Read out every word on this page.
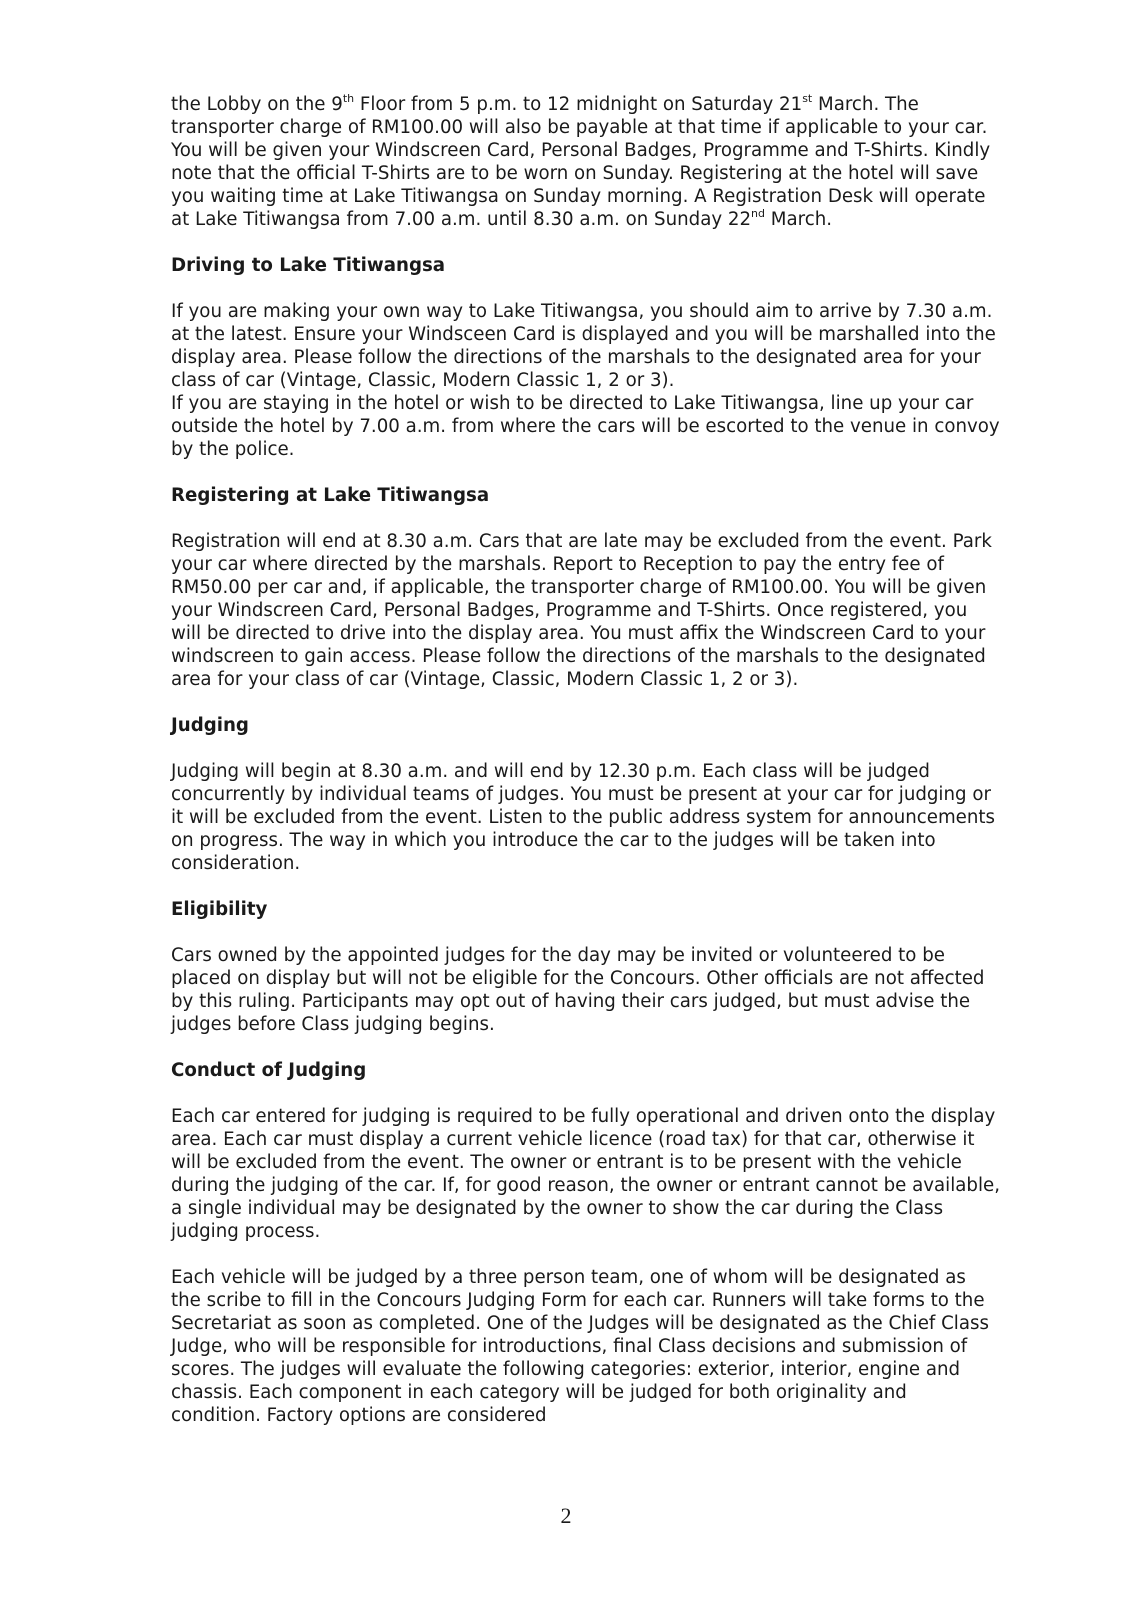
the Lobby on the 9th Floor from 5 p.m. to 12 midnight on Saturday 21st March. The transporter charge of RM100.00 will also be payable at that time if applicable to your car. You will be given your Windscreen Card, Personal Badges, Programme and T-Shirts. Kindly note that the official T-Shirts are to be worn on Sunday. Registering at the hotel will save you waiting time at Lake Titiwangsa on Sunday morning. A Registration Desk will operate at Lake Titiwangsa from 7.00 a.m. until 8.30 a.m. on Sunday 22nd March.

Driving to Lake Titiwangsa

If you are making your own way to Lake Titiwangsa, you should aim to arrive by 7.30 a.m. at the latest. Ensure your Windsceen Card is displayed and you will be marshalled into the display area. Please follow the directions of the marshals to the designated area for your class of car (Vintage, Classic, Modern Classic 1, 2 or 3).

If you are staying in the hotel or wish to be directed to Lake Titiwangsa, line up your car outside the hotel by 7.00 a.m. from where the cars will be escorted to the venue in convoy by the police.

Registering at Lake Titiwangsa

Registration will end at 8.30 a.m. Cars that are late may be excluded from the event. Park your car where directed by the marshals. Report to Reception to pay the entry fee of RM50.00 per car and, if applicable, the transporter charge of RM100.00. You will be given your Windscreen Card, Personal Badges, Programme and T-Shirts. Once registered, you will be directed to drive into the display area. You must affix the Windscreen Card to your windscreen to gain access. Please follow the directions of the marshals to the designated area for your class of car (Vintage, Classic, Modern Classic 1, 2 or 3).

Judging

Judging will begin at 8.30 a.m. and will end by 12.30 p.m. Each class will be judged concurrently by individual teams of judges. You must be present at your car for judging or it will be excluded from the event. Listen to the public address system for announcements on progress. The way in which you introduce the car to the judges will be taken into consideration.

Eligibility

Cars owned by the appointed judges for the day may be invited or volunteered to be placed on display but will not be eligible for the Concours. Other officials are not affected by this ruling. Participants may opt out of having their cars judged, but must advise the judges before Class judging begins.

Conduct of Judging

Each car entered for judging is required to be fully operational and driven onto the display area. Each car must display a current vehicle licence (road tax) for that car, otherwise it will be excluded from the event. The owner or entrant is to be present with the vehicle during the judging of the car. If, for good reason, the owner or entrant cannot be available, a single individual may be designated by the owner to show the car during the Class judging process.

Each vehicle will be judged by a three person team, one of whom will be designated as the scribe to fill in the Concours Judging Form for each car. Runners will take forms to the Secretariat as soon as completed. One of the Judges will be designated as the Chief Class Judge, who will be responsible for introductions, final Class decisions and submission of scores. The judges will evaluate the following categories: exterior, interior, engine and chassis. Each component in each category will be judged for both originality and condition. Factory options are considered

2
